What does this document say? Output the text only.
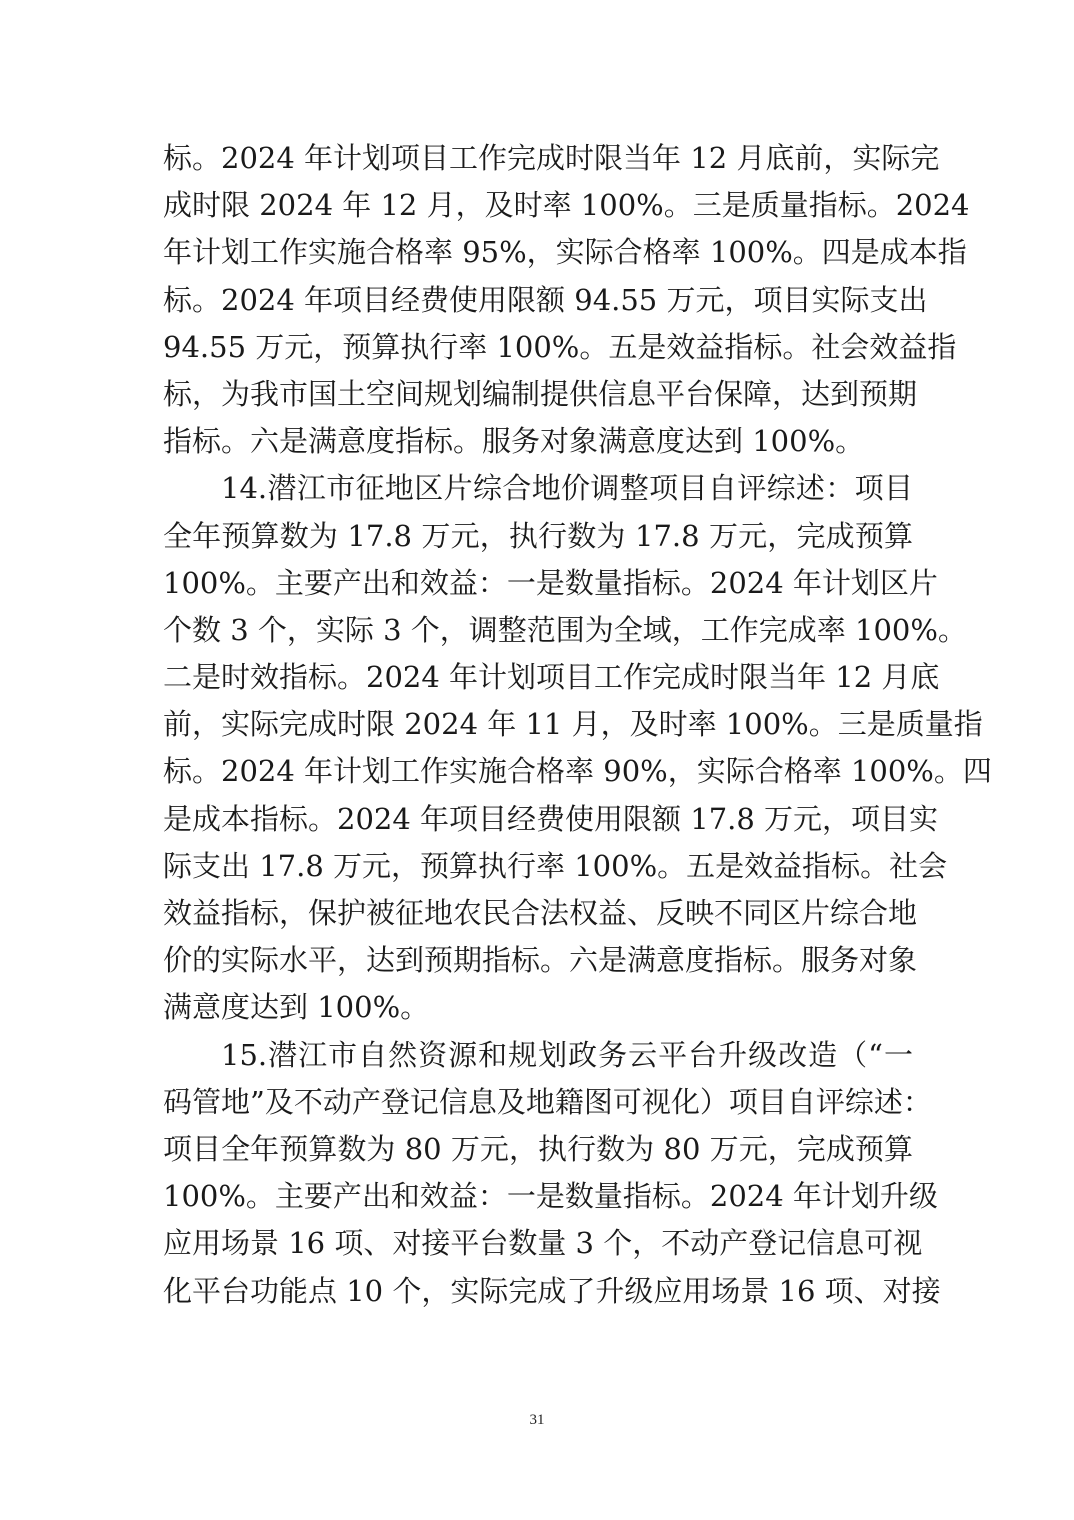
标。2024 年计划项目工作完成时限当年 12 月底前，实际完
成时限 2024 年 12 月，及时率 100%。三是质量指标。2024
年计划工作实施合格率 95%，实际合格率 100%。四是成本指
标。2024 年项目经费使用限额 94.55 万元，项目实际支出
94.55 万元，预算执行率 100%。五是效益指标。社会效益指
标，为我市国土空间规划编制提供信息平台保障，达到预期
指标。六是满意度指标。服务对象满意度达到 100%。
14.潜江市征地区片综合地价调整项目自评综述：项目
全年预算数为 17.8 万元，执行数为 17.8 万元，完成预算
100%。主要产出和效益：一是数量指标。2024 年计划区片
个数 3 个，实际 3 个，调整范围为全域，工作完成率 100%。
二是时效指标。2024 年计划项目工作完成时限当年 12 月底
前，实际完成时限 2024 年 11 月，及时率 100%。三是质量指
标。2024 年计划工作实施合格率 90%，实际合格率 100%。四
是成本指标。2024 年项目经费使用限额 17.8 万元，项目实
际支出 17.8 万元，预算执行率 100%。五是效益指标。社会
效益指标，保护被征地农民合法权益、反映不同区片综合地
价的实际水平，达到预期指标。六是满意度指标。服务对象
满意度达到 100%。
15.潜江市自然资源和规划政务云平台升级改造（“一
码管地”及不动产登记信息及地籍图可视化）项目自评综述：
项目全年预算数为 80 万元，执行数为 80 万元，完成预算
100%。主要产出和效益：一是数量指标。2024 年计划升级
应用场景 16 项、对接平台数量 3 个，不动产登记信息可视
化平台功能点 10 个，实际完成了升级应用场景 16 项、对接
31
